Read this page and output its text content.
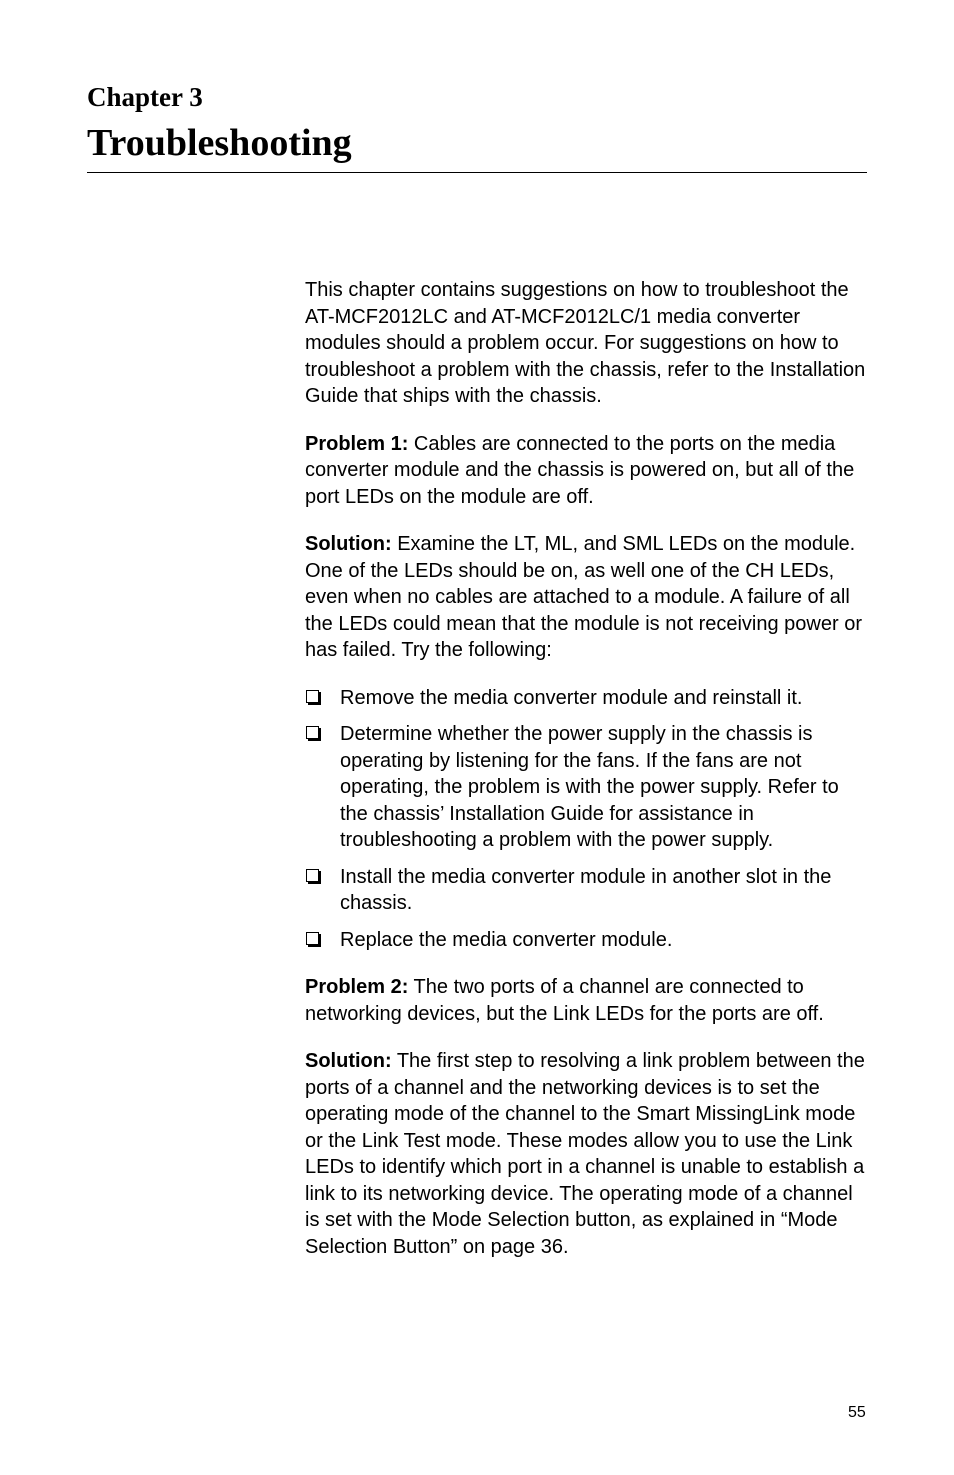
Chapter 3
Troubleshooting

This chapter contains suggestions on how to troubleshoot the AT-MCF2012LC and AT-MCF2012LC/1 media converter modules should a problem occur. For suggestions on how to troubleshoot a problem with the chassis, refer to the Installation Guide that ships with the chassis.

Problem 1: Cables are connected to the ports on the media converter module and the chassis is powered on, but all of the port LEDs on the module are off.

Solution: Examine the LT, ML, and SML LEDs on the module. One of the LEDs should be on, as well one of the CH LEDs, even when no cables are attached to a module. A failure of all the LEDs could mean that the module is not receiving power or has failed. Try the following:

Remove the media converter module and reinstall it.
Determine whether the power supply in the chassis is operating by listening for the fans. If the fans are not operating, the problem is with the power supply. Refer to the chassis’ Installation Guide for assistance in troubleshooting a problem with the power supply.
Install the media converter module in another slot in the chassis.
Replace the media converter module.

Problem 2: The two ports of a channel are connected to networking devices, but the Link LEDs for the ports are off.

Solution: The first step to resolving a link problem between the ports of a channel and the networking devices is to set the operating mode of the channel to the Smart MissingLink mode or the Link Test mode. These modes allow you to use the Link LEDs to identify which port in a channel is unable to establish a link to its networking device. The operating mode of a channel is set with the Mode Selection button, as explained in “Mode Selection Button” on page 36.

55
